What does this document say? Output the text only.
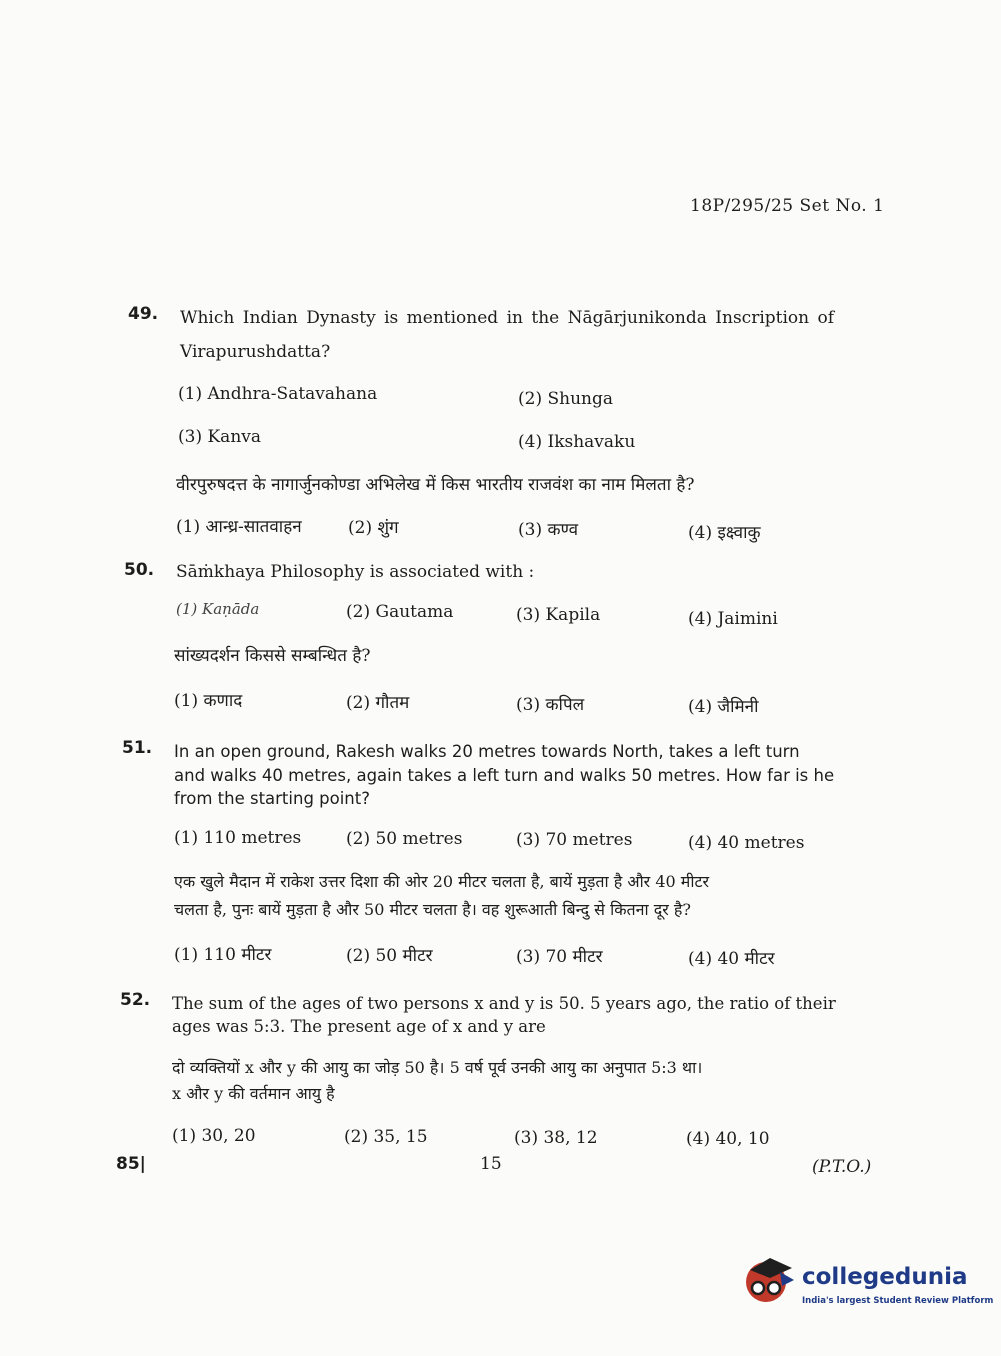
18P/295/25 Set No. 1
49. Which Indian Dynasty is mentioned in the Nāgārjunikonda Inscription of
Virapurushdatta?
(1) Andhra-Satavahana	(2) Shunga
(3) Kanva	(4) Ikshavaku
वीरपुरुषदत्त के नागार्जुनकोण्डा अभिलेख में किस भारतीय राजवंश का नाम मिलता है?
(1) आन्ध्र-सातवाहन	(2) शुंग	(3) कण्व	(4) इक्ष्वाकु
50. Sāṁkhaya Philosophy is associated with :
(1) Kaṇāda	(2) Gautama	(3) Kapila	(4) Jaimini
सांख्यदर्शन किससे सम्बन्धित है?
(1) कणाद	(2) गौतम	(3) कपिल	(4) जैमिनी
51. In an open ground, Rakesh walks 20 metres towards North, takes a left turn
and walks 40 metres, again takes a left turn and walks 50 metres. How far is he
from the starting point?
(1) 110 metres	(2) 50 metres	(3) 70 metres	(4) 40 metres
एक खुले मैदान में राकेश उत्तर दिशा की ओर 20 मीटर चलता है, बायें मुड़ता है और 40 मीटर
चलता है, पुनः बायें मुड़ता है और 50 मीटर चलता है। वह शुरूआती बिन्दु से कितना दूर है?
(1) 110 मीटर	(2) 50 मीटर	(3) 70 मीटर	(4) 40 मीटर
52. The sum of the ages of two persons x and y is 50. 5 years ago, the ratio of their
ages was 5:3. The present age of x and y are
दो व्यक्तियों x और y की आयु का जोड़ 50 है। 5 वर्ष पूर्व उनकी आयु का अनुपात 5:3 था।
x और y की वर्तमान आयु है
(1) 30, 20	(2) 35, 15	(3) 38, 12	(4) 40, 10
85|	15	(P.T.O.)
collegedunia
India's largest Student Review Platform
